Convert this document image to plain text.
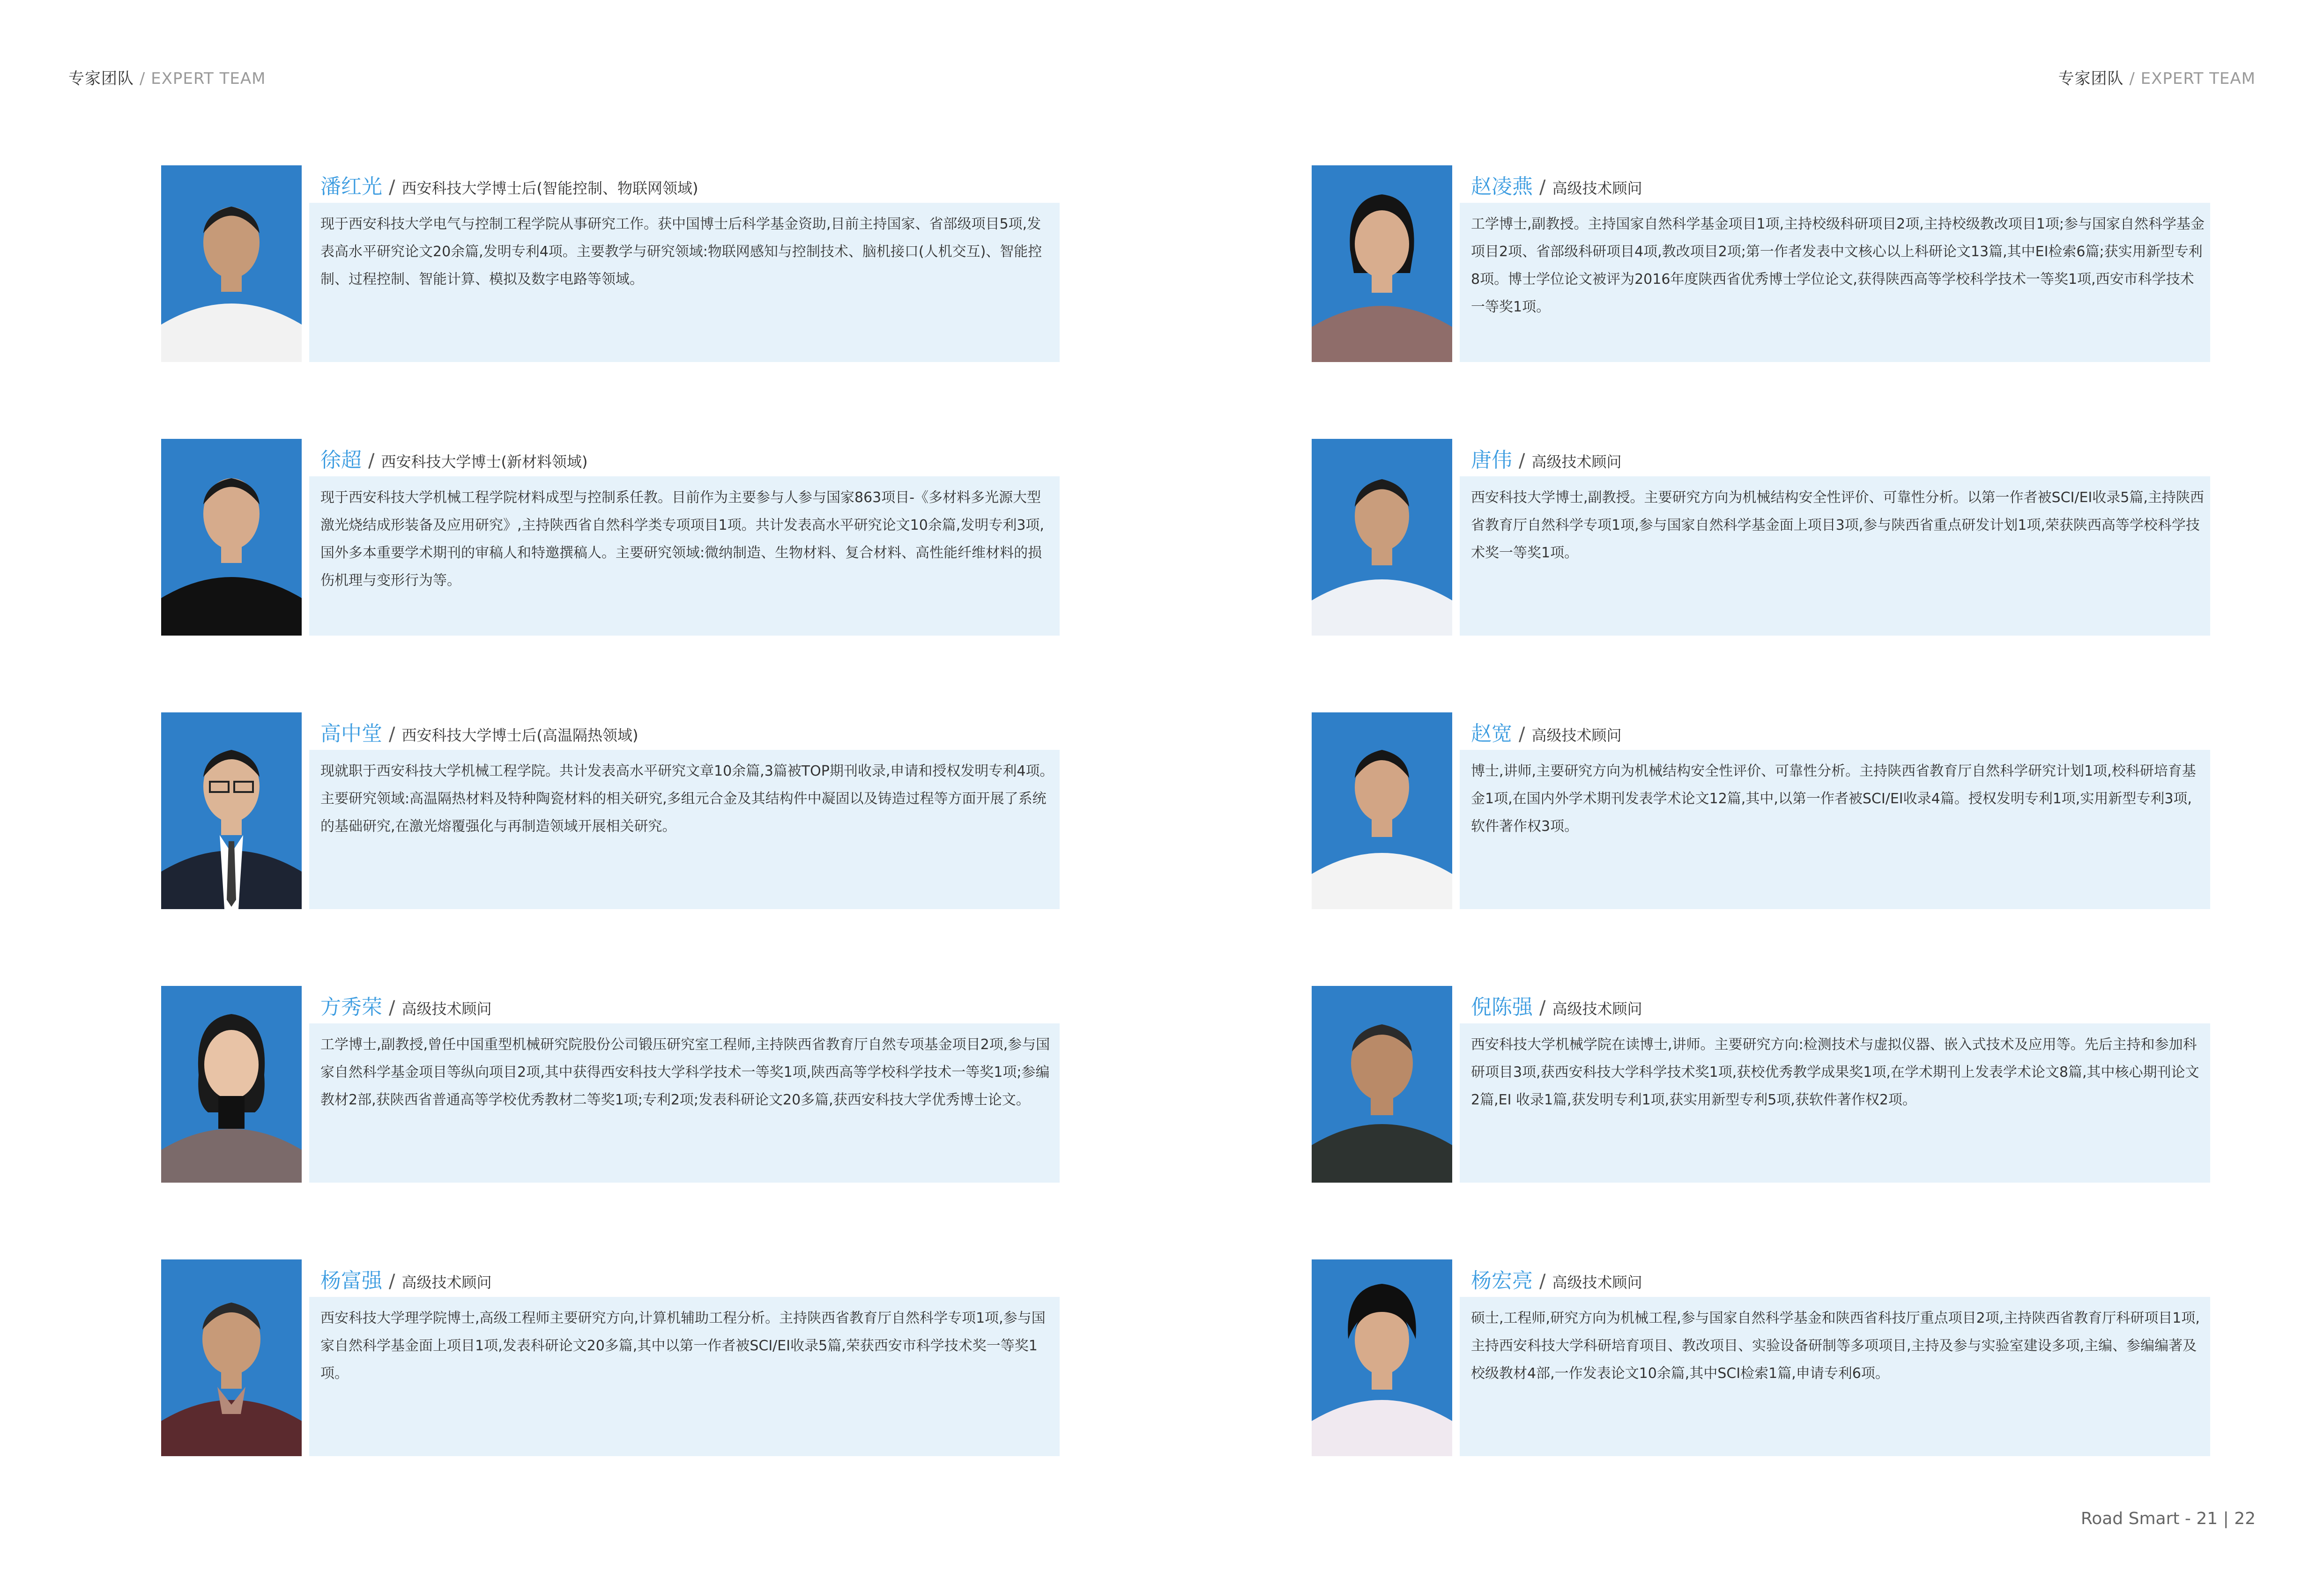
专家团队 / EXPERT TEAM	专家团队 / EXPERT TEAM
潘红光 / 西安科技大学博士后(智能控制、物联网领域)

现于西安科技大学电气与控制工程学院从事研究工作。获中国博士后科学基金资助,目前主持国家、省部级项目5项,发表高水平研究论文20余篇,发明专利4项。主要教学与研究领域:物联网感知与控制技术、脑机接口(人机交互)、智能控制、过程控制、智能计算、模拟及数字电路等领域。

徐超 / 西安科技大学博士(新材料领域)

现于西安科技大学机械工程学院材料成型与控制系任教。目前作为主要参与人参与国家863项目-《多材料多光源大型激光烧结成形装备及应用研究》,主持陕西省自然科学类专项项目1项。共计发表高水平研究论文10余篇,发明专利3项,国外多本重要学术期刊的审稿人和特邀撰稿人。主要研究领域:微纳制造、生物材料、复合材料、高性能纤维材料的损伤机理与变形行为等。

高中堂 / 西安科技大学博士后(高温隔热领域)

现就职于西安科技大学机械工程学院。共计发表高水平研究文章10余篇,3篇被TOP期刊收录,申请和授权发明专利4项。主要研究领域:高温隔热材料及特种陶瓷材料的相关研究,多组元合金及其结构件中凝固以及铸造过程等方面开展了系统的基础研究,在激光熔覆强化与再制造领域开展相关研究。

方秀荣 / 高级技术顾问

工学博士,副教授,曾任中国重型机械研究院股份公司锻压研究室工程师,主持陕西省教育厅自然专项基金项目2项,参与国家自然科学基金项目等纵向项目2项,其中获得西安科技大学科学技术一等奖1项,陕西高等学校科学技术一等奖1项;参编教材2部,获陕西省普通高等学校优秀教材二等奖1项;专利2项;发表科研论文20多篇,获西安科技大学优秀博士论文。

杨富强 / 高级技术顾问

西安科技大学理学院博士,高级工程师主要研究方向,计算机辅助工程分析。主持陕西省教育厅自然科学专项1项,参与国家自然科学基金面上项目1项,发表科研论文20多篇,其中以第一作者被SCI/EI收录5篇,荣获西安市科学技术奖一等奖1项。

赵凌燕 / 高级技术顾问

工学博士,副教授。主持国家自然科学基金项目1项,主持校级科研项目2项,主持校级教改项目1项;参与国家自然科学基金项目2项、省部级科研项目4项,教改项目2项;第一作者发表中文核心以上科研论文13篇,其中EI检索6篇;获实用新型专利8项。博士学位论文被评为2016年度陕西省优秀博士学位论文,获得陕西高等学校科学技术一等奖1项,西安市科学技术一等奖1项。

唐伟 / 高级技术顾问

西安科技大学博士,副教授。主要研究方向为机械结构安全性评价、可靠性分析。以第一作者被SCI/EI收录5篇,主持陕西省教育厅自然科学专项1项,参与国家自然科学基金面上项目3项,参与陕西省重点研发计划1项,荣获陕西高等学校科学技术奖一等奖1项。

赵宽 / 高级技术顾问

博士,讲师,主要研究方向为机械结构安全性评价、可靠性分析。主持陕西省教育厅自然科学研究计划1项,校科研培育基金1项,在国内外学术期刊发表学术论文12篇,其中,以第一作者被SCI/EI收录4篇。授权发明专利1项,实用新型专利3项,软件著作权3项。

倪陈强 / 高级技术顾问

西安科技大学机械学院在读博士,讲师。主要研究方向:检测技术与虚拟仪器、嵌入式技术及应用等。先后主持和参加科研项目3项,获西安科技大学科学技术奖1项,获校优秀教学成果奖1项,在学术期刊上发表学术论文8篇,其中核心期刊论文2篇,EI 收录1篇,获发明专利1项,获实用新型专利5项,获软件著作权2项。

杨宏亮 / 高级技术顾问

硕士,工程师,研究方向为机械工程,参与国家自然科学基金和陕西省科技厅重点项目2项,主持陕西省教育厅科研项目1项,主持西安科技大学科研培育项目、教改项目、实验设备研制等多项项目,主持及参与实验室建设多项,主编、参编编著及校级教材4部,一作发表论文10余篇,其中SCI检索1篇,申请专利6项。

Road Smart - 21 | 22
